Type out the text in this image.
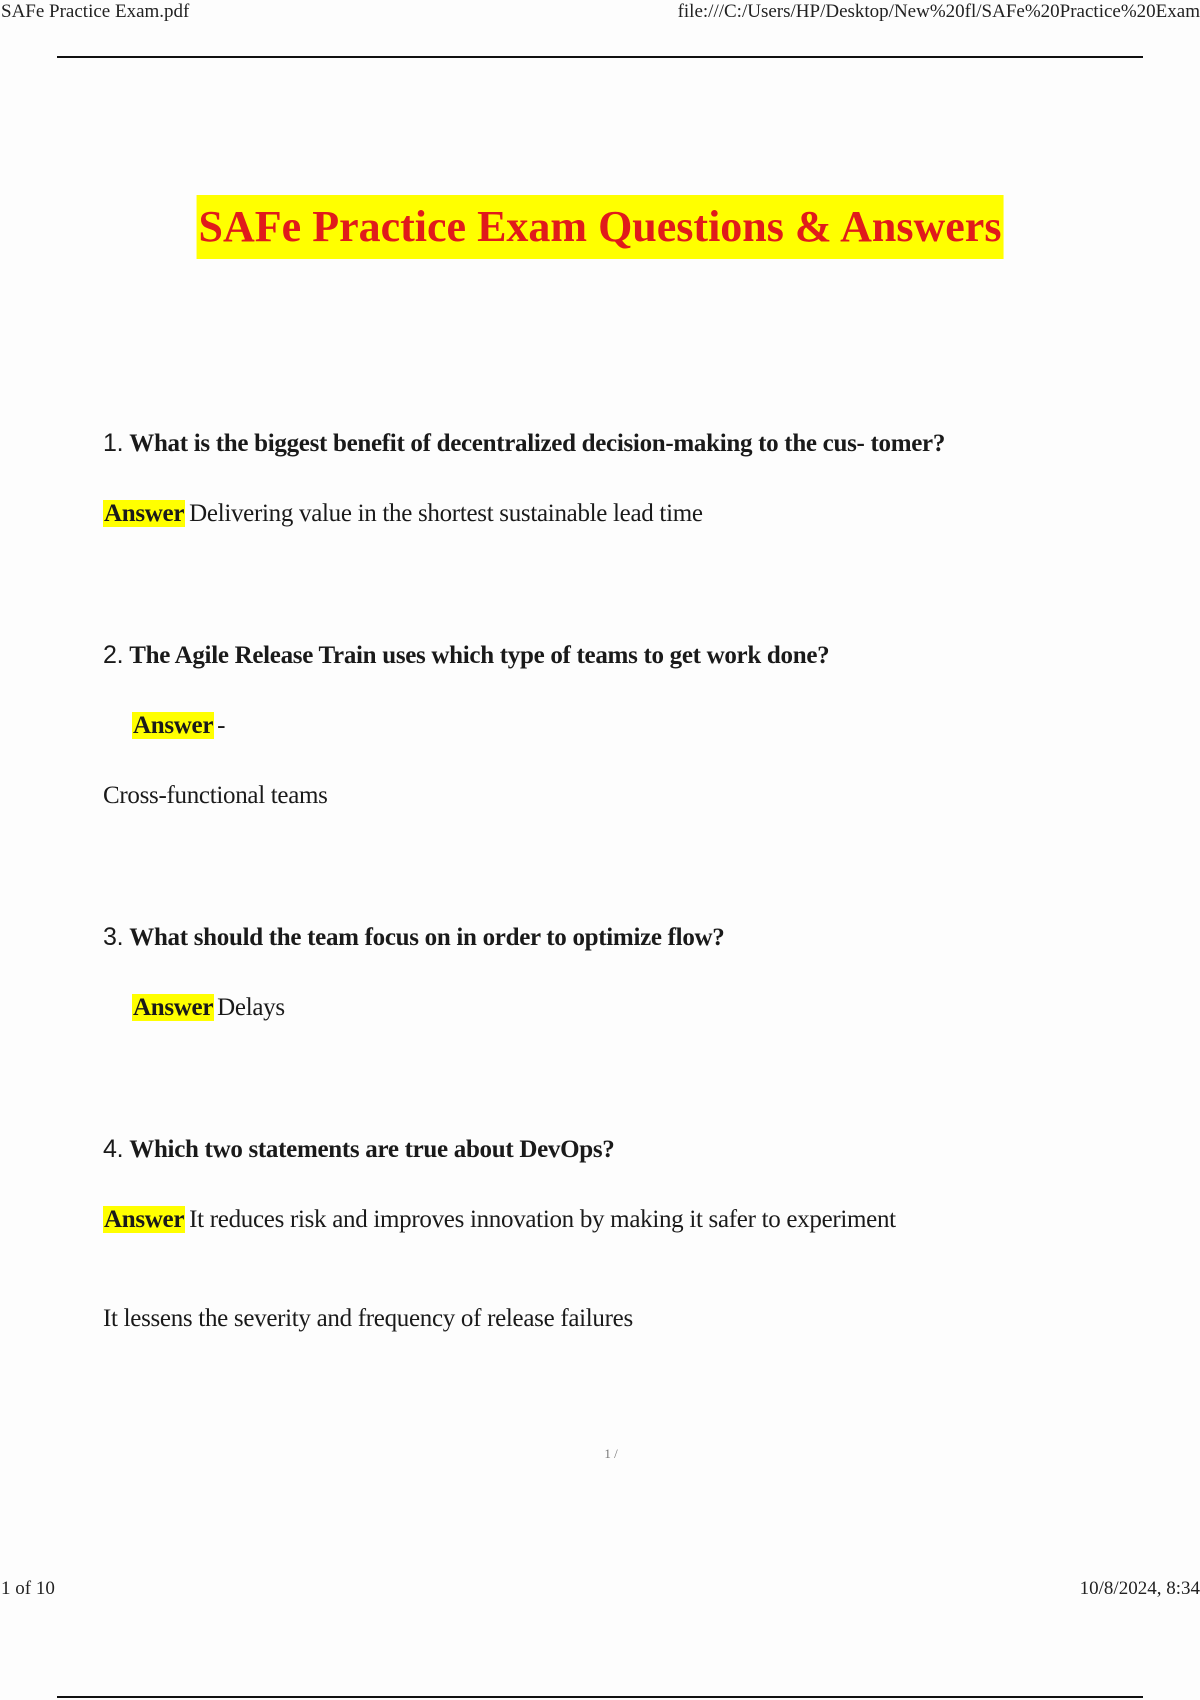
SAFe Practice Exam.pdf	file:///C:/Users/HP/Desktop/New%20fl/SAFe%20Practice%20Exam
SAFe Practice Exam Questions & Answers
1. What is the biggest benefit of decentralized decision-making to the cus- tomer?
Answer Delivering value in the shortest sustainable lead time
2. The Agile Release Train uses which type of teams to get work done?
Answer -
Cross-functional teams
3. What should the team focus on in order to optimize flow?
Answer Delays
4. Which two statements are true about DevOps?
Answer It reduces risk and improves innovation by making it safer to experiment
It lessens the severity and frequency of release failures
1 /
1 of 10	10/8/2024, 8:34
